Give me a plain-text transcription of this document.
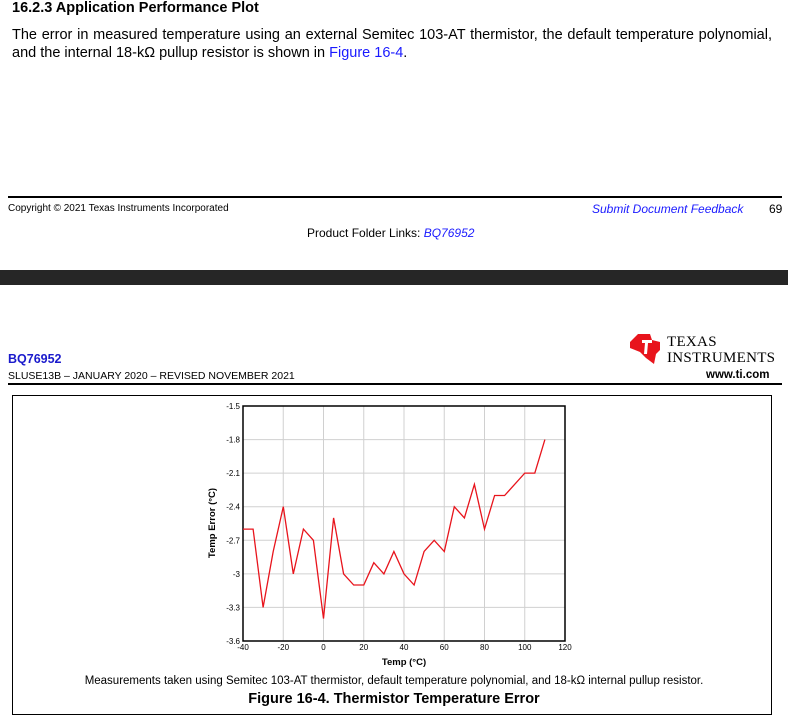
16.2.3 Application Performance Plot
The error in measured temperature using an external Semitec 103-AT thermistor, the default temperature polynomial, and the internal 18-kΩ pullup resistor is shown in Figure 16-4.
Copyright © 2021 Texas Instruments Incorporated	Submit Document Feedback 69
Product Folder Links: BQ76952
BQ76952
SLUSE13B – JANUARY 2020 – REVISED NOVEMBER 2021
TEXAS
INSTRUMENTS
www.ti.com
-1.5
-1.8
-2.1
-2.4
-2.7
-3
-3.3
-3.6
-40	-20	0	20	40	60	80	100	120
Temp (°C)
Temp Error (°C)
Measurements taken using Semitec 103-AT thermistor, default temperature polynomial, and 18-kΩ internal pullup resistor.
Figure 16-4. Thermistor Temperature Error
